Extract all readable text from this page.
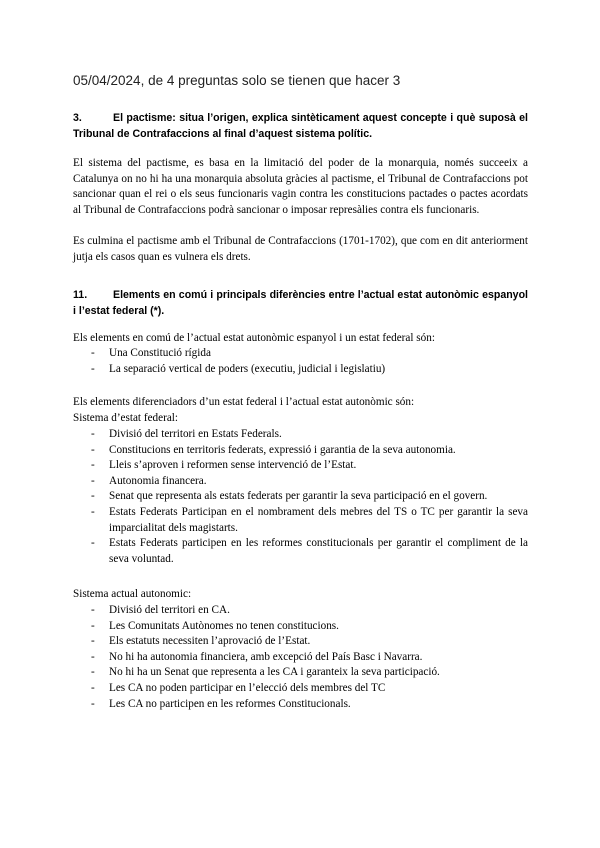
05/04/2024, de 4 preguntas solo se tienen que hacer 3
3.	El pactisme: situa l’origen, explica sintèticament aquest concepte i què suposà el Tribunal de Contrafaccions al final d’aquest sistema polític.
El sistema del pactisme, es basa en la limitació del poder de la monarquia, només succeeix a Catalunya on no hi ha una monarquia absoluta gràcies al pactisme, el Tribunal de Contrafaccions pot sancionar quan el rei o els seus funcionaris vagin contra les constitucions pactades o pactes acordats al Tribunal de Contrafaccions podrà sancionar o imposar represàlies contra els funcionaris.
Es culmina el pactisme amb el Tribunal de Contrafaccions (1701-1702), que com en dit anteriorment jutja els casos quan es vulnera els drets.
11. Elements en comú i principals diferències entre l’actual estat autonòmic espanyol i l’estat federal (*).
Els elements en comú de l’actual estat autonòmic espanyol i un estat federal són:
- Una Constitució rígida
- La separació vertical de poders (executiu, judicial i legislatiu)
Els elements diferenciadors d’un estat federal i l’actual estat autonòmic són:
Sistema d’estat federal:
- Divisió del territori en Estats Federals.
- Constitucions en territoris federats, expressió i garantia de la seva autonomia.
- Lleis s’aproven i reformen sense intervenció de l’Estat.
- Autonomia financera.
- Senat que representa als estats federats per garantir la seva participació en el govern.
- Estats Federats Participan en el nombrament dels mebres del TS o TC per garantir la seva imparcialitat dels magistarts.
- Estats Federats participen en les reformes constitucionals per garantir el compliment de la seva voluntad.
Sistema actual autonomic:
- Divisió del territori en CA.
- Les Comunitats Autònomes no tenen constitucions.
- Els estatuts necessiten l’aprovació de l’Estat.
- No hi ha autonomia financiera, amb excepció del País Basc i Navarra.
- No hi ha un Senat que representa a les CA i garanteix la seva participació.
- Les CA no poden participar en l’elecció dels membres del TC
- Les CA no participen en les reformes Constitucionals.
